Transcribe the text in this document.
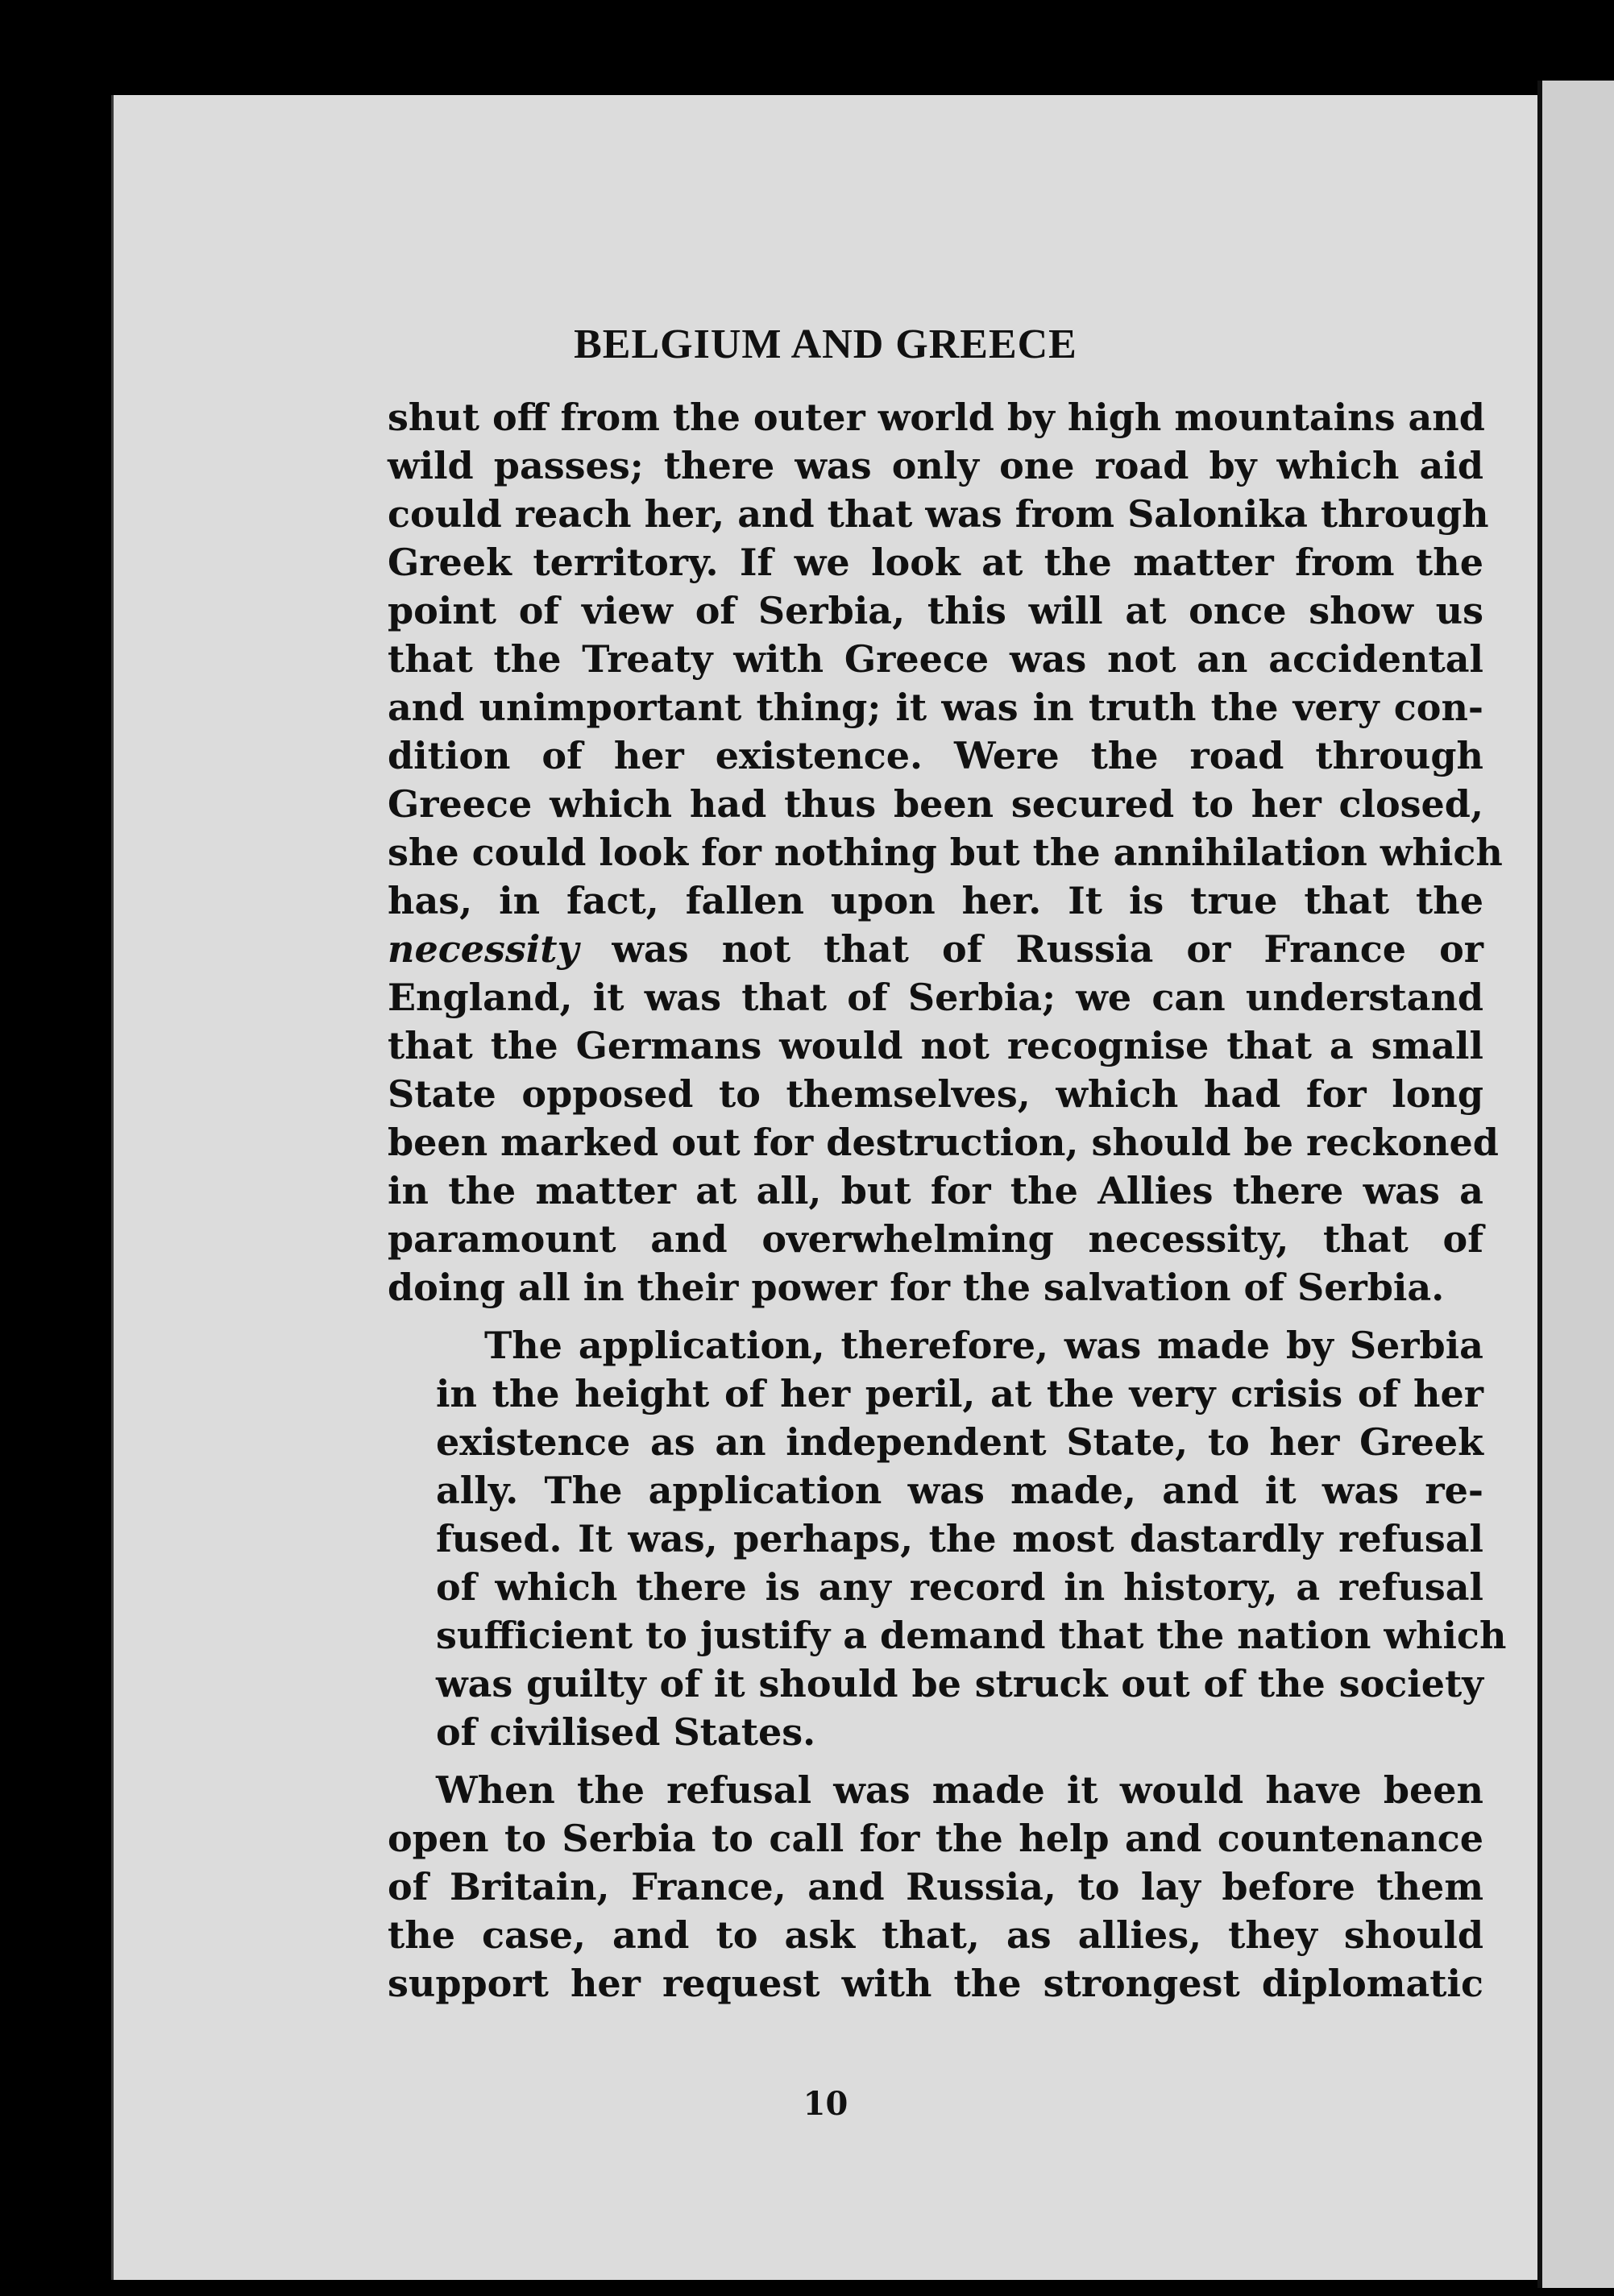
BELGIUM AND GREECE

shut off from the outer world by high mountains and
wild passes; there was only one road by which aid
could reach her, and that was from Salonika through
Greek territory. If we look at the matter from the
point of view of Serbia, this will at once show us
that the Treaty with Greece was not an accidental
and unimportant thing; it was in truth the very con-
dition of her existence. Were the road through
Greece which had thus been secured to her closed,
she could look for nothing but the annihilation which
has, in fact, fallen upon her. It is true that the
necessity was not that of Russia or France or
England, it was that of Serbia; we can understand
that the Germans would not recognise that a small
State opposed to themselves, which had for long
been marked out for destruction, should be reckoned
in the matter at all, but for the Allies there was a
paramount and overwhelming necessity, that of
doing all in their power for the salvation of Serbia.

The application, therefore, was made by Serbia
in the height of her peril, at the very crisis of her
existence as an independent State, to her Greek
ally. The application was made, and it was re-
fused. It was, perhaps, the most dastardly refusal
of which there is any record in history, a refusal
sufficient to justify a demand that the nation which
was guilty of it should be struck out of the society
of civilised States.

When the refusal was made it would have been
open to Serbia to call for the help and countenance
of Britain, France, and Russia, to lay before them
the case, and to ask that, as allies, they should
support her request with the strongest diplomatic

10
